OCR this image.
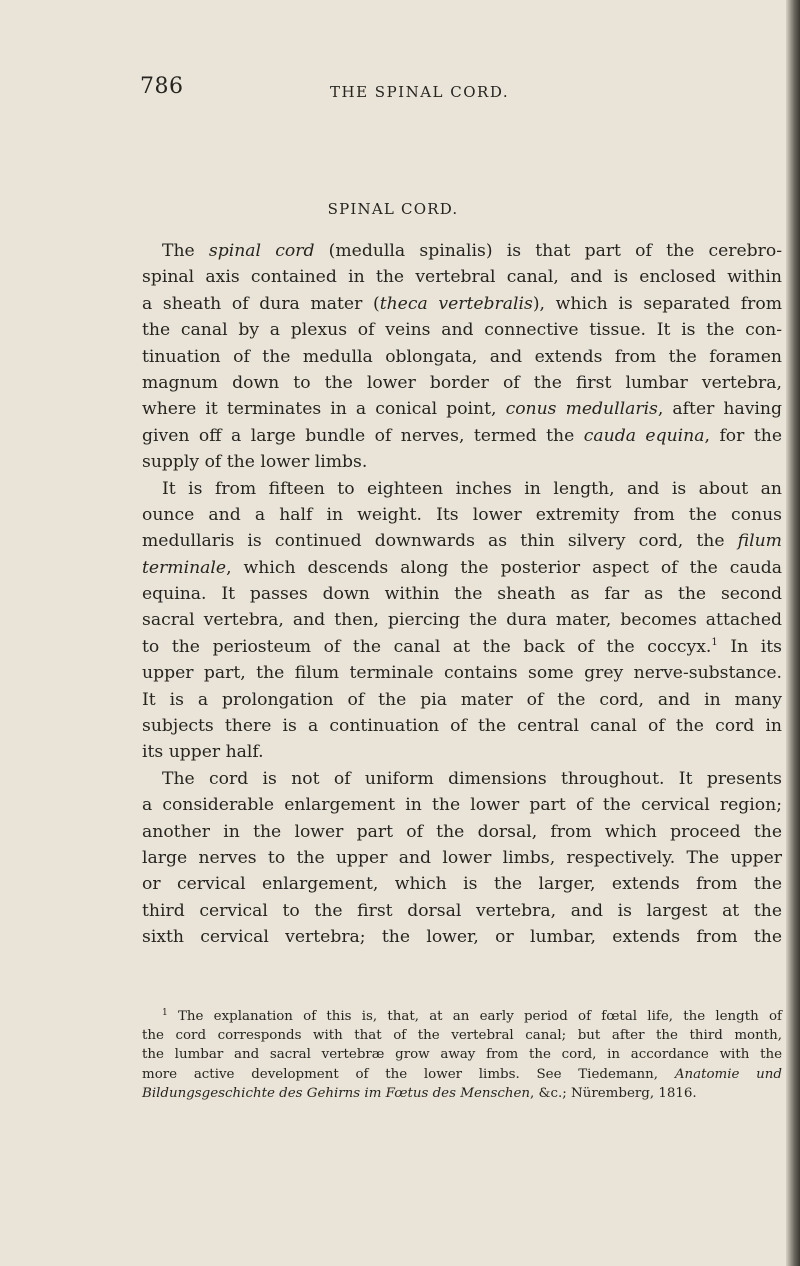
786	THE SPINAL CORD.
SPINAL CORD.
The spinal cord (medulla spinalis) is that part of the cerebro-
spinal axis contained in the vertebral canal, and is enclosed within
a sheath of dura mater (theca vertebralis), which is separated from
the canal by a plexus of veins and connective tissue. It is the con-
tinuation of the medulla oblongata, and extends from the foramen
magnum down to the lower border of the first lumbar vertebra,
where it terminates in a conical point, conus medullaris, after having
given off a large bundle of nerves, termed the cauda equina, for the
supply of the lower limbs.
It is from fifteen to eighteen inches in length, and is about an
ounce and a half in weight. Its lower extremity from the conus
medullaris is continued downwards as thin silvery cord, the filum
terminale, which descends along the posterior aspect of the cauda
equina. It passes down within the sheath as far as the second
sacral vertebra, and then, piercing the dura mater, becomes attached
to the periosteum of the canal at the back of the coccyx.$^1$ In its
upper part, the filum terminale contains some grey nerve-substance.
It is a prolongation of the pia mater of the cord, and in many
subjects there is a continuation of the central canal of the cord in
its upper half.
The cord is not of uniform dimensions throughout. It presents
a considerable enlargement in the lower part of the cervical region;
another in the lower part of the dorsal, from which proceed the
large nerves to the upper and lower limbs, respectively. The upper
or cervical enlargement, which is the larger, extends from the
third cervical to the first dorsal vertebra, and is largest at the
sixth cervical vertebra; the lower, or lumbar, extends from the
$^1$ The explanation of this is, that, at an early period of fœtal life, the length of
the cord corresponds with that of the vertebral canal; but after the third month,
the lumbar and sacral vertebræ grow away from the cord, in accordance with the
more active development of the lower limbs. See Tiedemann, Anatomie und
Bildungsgeschichte des Gehirns im Fœtus des Menschen, &c.; Nüremberg, 1816.
